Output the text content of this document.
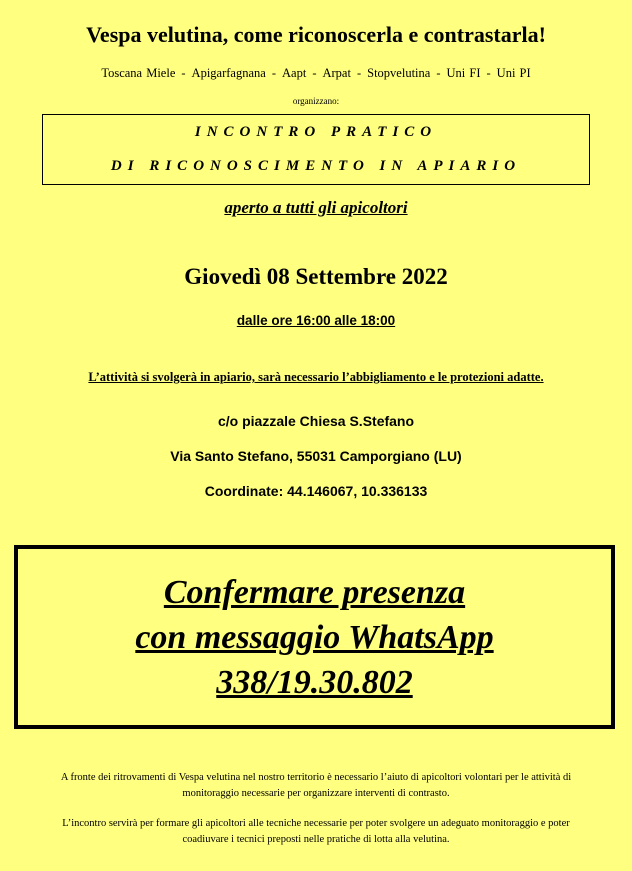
Vespa velutina, come riconoscerla e contrastarla!
Toscana Miele - Apigarfagnana - Aapt - Arpat - Stopvelutina - Uni FI - Uni PI
organizzano:
INCONTRO PRATICO
DI RICONOSCIMENTO IN APIARIO
aperto a tutti gli apicoltori
Giovedì 08 Settembre 2022
dalle ore 16:00 alle 18:00
L’attività si svolgerà in apiario, sarà necessario l’abbigliamento e le protezioni adatte.
c/o piazzale Chiesa S.Stefano
Via Santo Stefano, 55031 Camporgiano (LU)
Coordinate: 44.146067, 10.336133
Confermare presenza
con messaggio WhatsApp
338/19.30.802

A fronte dei ritrovamenti di Vespa velutina nel nostro territorio è necessario l’aiuto di apicoltori volontari per le attività di monitoraggio necessarie per organizzare interventi di contrasto.

L’incontro servirà per formare gli apicoltori alle tecniche necessarie per poter svolgere un adeguato monitoraggio e poter coadiuvare i tecnici preposti nelle pratiche di lotta alla velutina.
